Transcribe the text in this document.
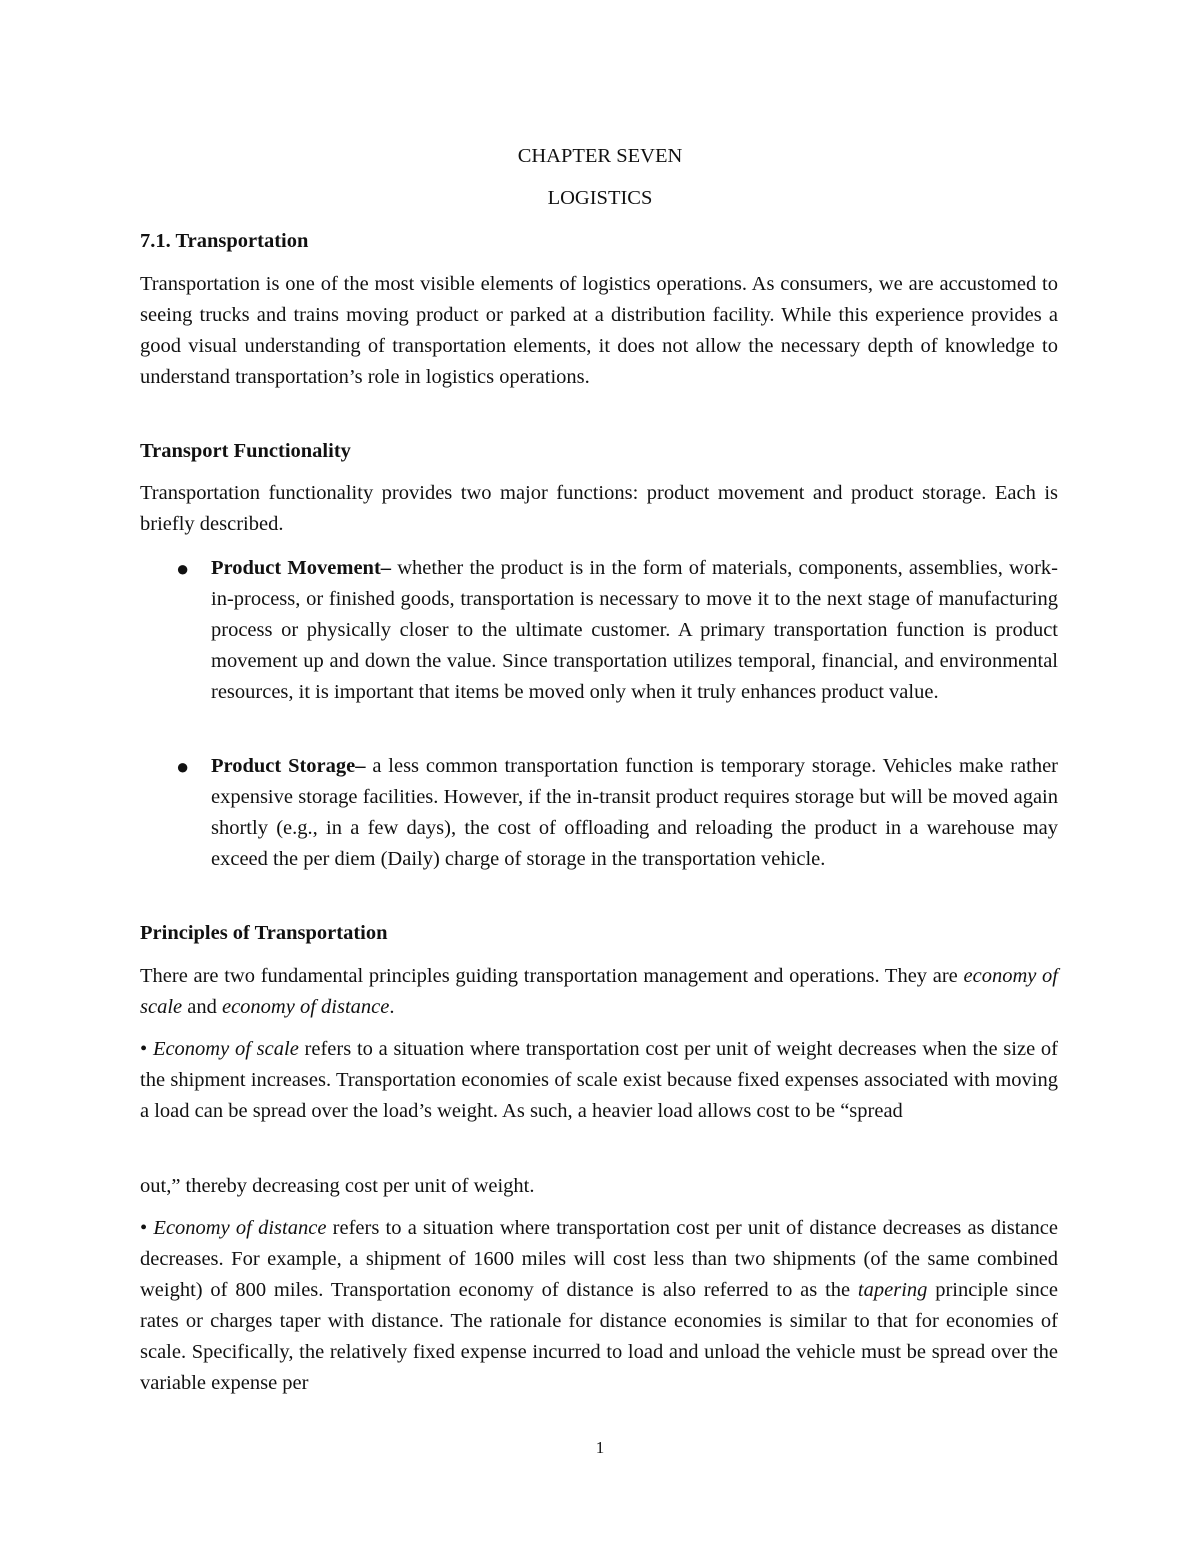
CHAPTER SEVEN

LOGISTICS

7.1. Transportation

Transportation is one of the most visible elements of logistics operations. As consumers, we are accustomed to seeing trucks and trains moving product or parked at a distribution facility. While this experience provides a good visual understanding of transportation elements, it does not allow the necessary depth of knowledge to understand transportation’s role in logistics operations.

Transport Functionality

Transportation functionality provides two major functions: product movement and product storage. Each is briefly described.

● Product Movement– whether the product is in the form of materials, components, assemblies, work-in-process, or finished goods, transportation is necessary to move it to the next stage of manufacturing process or physically closer to the ultimate customer. A primary transportation function is product movement up and down the value. Since transportation utilizes temporal, financial, and environmental resources, it is important that items be moved only when it truly enhances product value.

● Product Storage– a less common transportation function is temporary storage. Vehicles make rather expensive storage facilities. However, if the in-transit product requires storage but will be moved again shortly (e.g., in a few days), the cost of offloading and reloading the product in a warehouse may exceed the per diem (Daily) charge of storage in the transportation vehicle.

Principles of Transportation

There are two fundamental principles guiding transportation management and operations. They are economy of scale and economy of distance.

• Economy of scale refers to a situation where transportation cost per unit of weight decreases when the size of the shipment increases. Transportation economies of scale exist because fixed expenses associated with moving a load can be spread over the load’s weight. As such, a heavier load allows cost to be “spread

out,” thereby decreasing cost per unit of weight.

• Economy of distance refers to a situation where transportation cost per unit of distance decreases as distance decreases. For example, a shipment of 1600 miles will cost less than two shipments (of the same combined weight) of 800 miles. Transportation economy of distance is also referred to as the tapering principle since rates or charges taper with distance. The rationale for distance economies is similar to that for economies of scale. Specifically, the relatively fixed expense incurred to load and unload the vehicle must be spread over the variable expense per

1
